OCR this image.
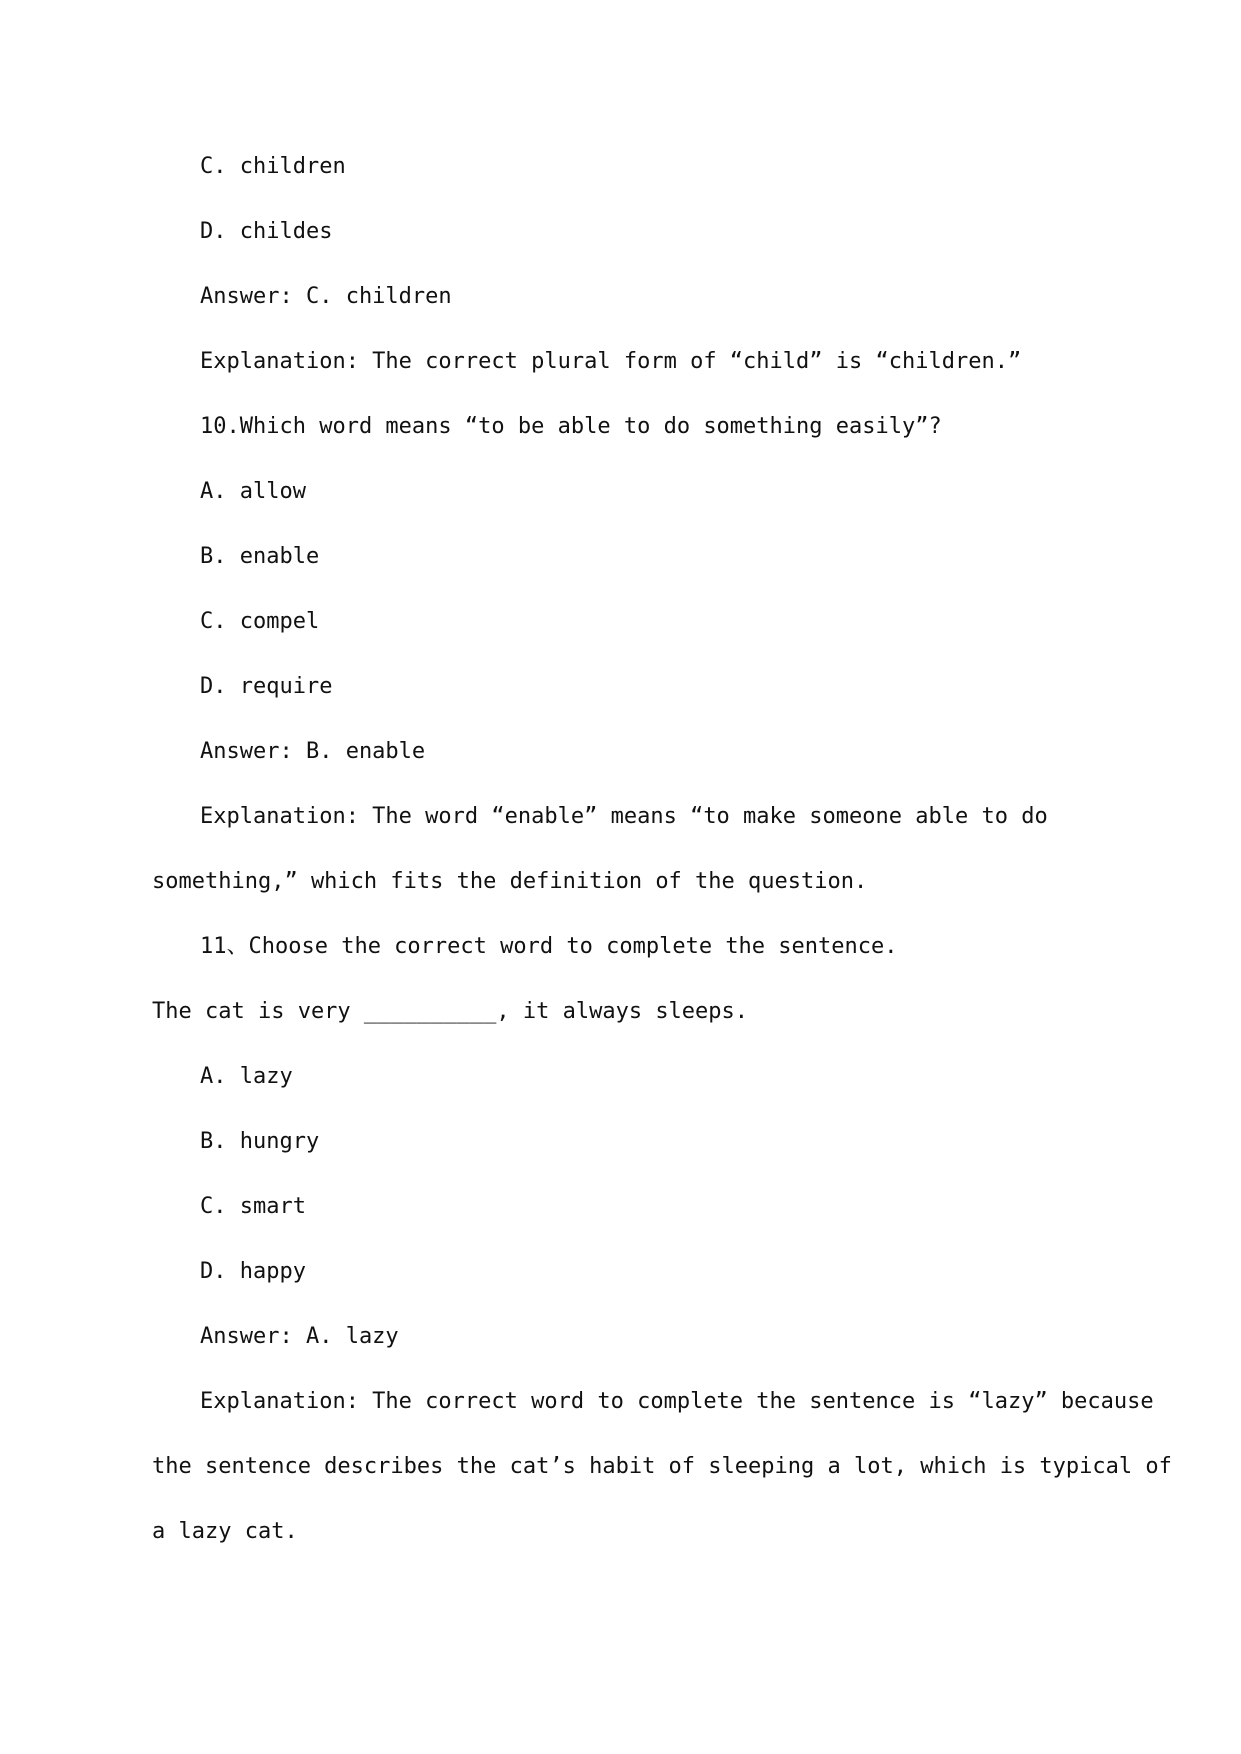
C. children
D. childes
Answer: C. children
Explanation: The correct plural form of “child” is “children.”
10.Which word means “to be able to do something easily”?
A. allow
B. enable
C. compel
D. require
Answer: B. enable
Explanation: The word “enable” means “to make someone able to do
something,” which fits the definition of the question.
11、Choose the correct word to complete the sentence.
The cat is very __________, it always sleeps.
A. lazy
B. hungry
C. smart
D. happy
Answer: A. lazy
Explanation: The correct word to complete the sentence is “lazy” because
the sentence describes the cat’s habit of sleeping a lot, which is typical of
a lazy cat.
